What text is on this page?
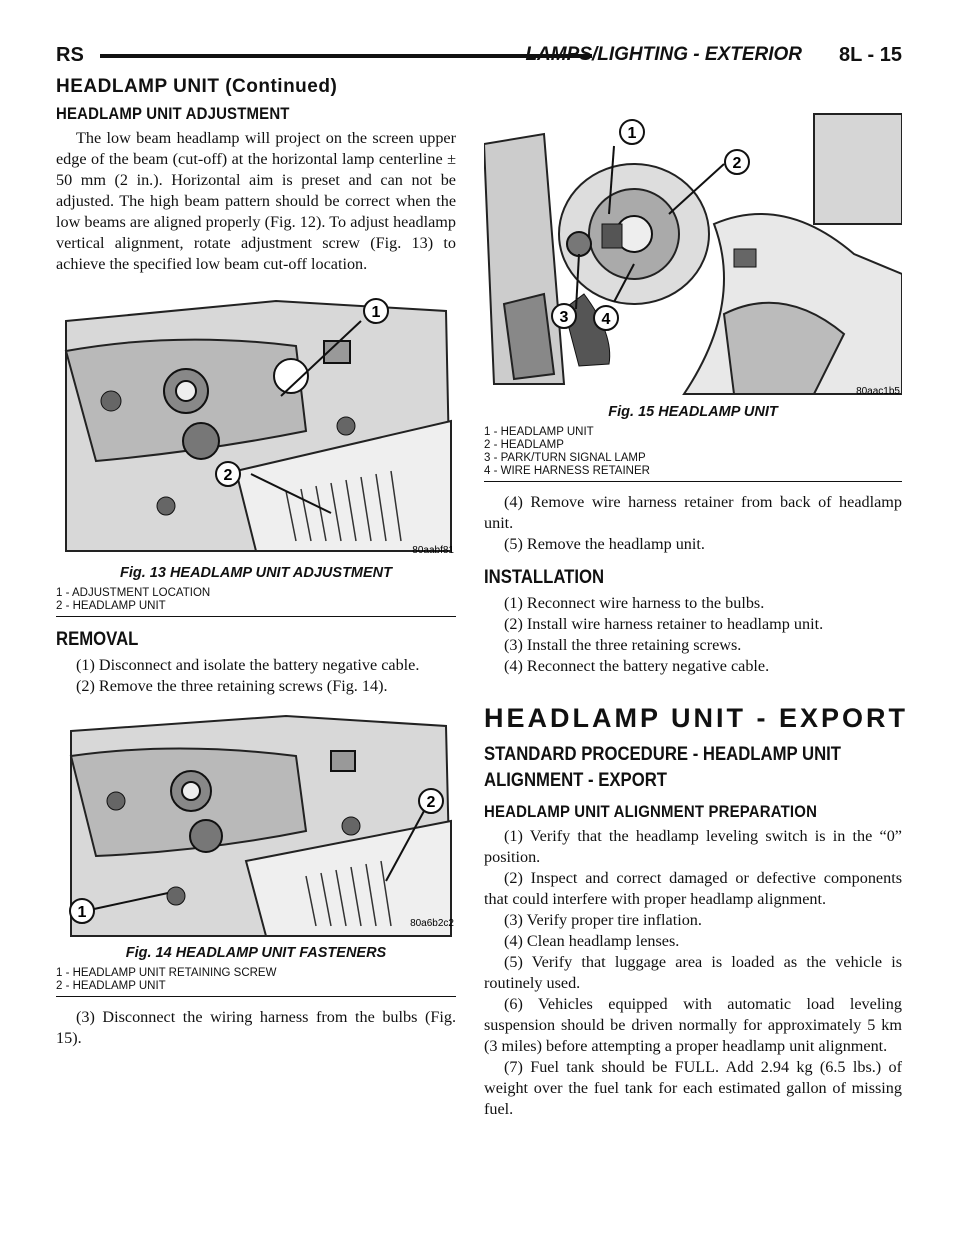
RS	LAMPS/LIGHTING - EXTERIOR 8L - 15
HEADLAMP UNIT (Continued)
HEADLAMP UNIT ADJUSTMENT

The low beam headlamp will project on the screen upper edge of the beam (cut-off) at the horizontal lamp centerline ± 50 mm (2 in.). Horizontal aim is preset and can not be adjusted. The high beam pattern should be correct when the low beams are aligned properly (Fig. 12). To adjust headlamp vertical alignment, rotate adjustment screw (Fig. 13) to achieve the specified low beam cut-off location.

1
2
80aabf81
Fig. 13 HEADLAMP UNIT ADJUSTMENT
1 - ADJUSTMENT LOCATION
2 - HEADLAMP UNIT
REMOVAL

(1) Disconnect and isolate the battery negative cable.

(2) Remove the three retaining screws (Fig. 14).

1
2
80a6b2c2
Fig. 14 HEADLAMP UNIT FASTENERS
1 - HEADLAMP UNIT RETAINING SCREW
2 - HEADLAMP UNIT

(3) Disconnect the wiring harness from the bulbs (Fig. 15).

1
2
3 4
80aac1b5
Fig. 15 HEADLAMP UNIT
1 - HEADLAMP UNIT
2 - HEADLAMP
3 - PARK/TURN SIGNAL LAMP
4 - WIRE HARNESS RETAINER

(4) Remove wire harness retainer from back of headlamp unit.

(5) Remove the headlamp unit.

INSTALLATION

(1) Reconnect wire harness to the bulbs.

(2) Install wire harness retainer to headlamp unit.

(3) Install the three retaining screws.

(4) Reconnect the battery negative cable.

HEADLAMP UNIT - EXPORT
STANDARD PROCEDURE - HEADLAMP UNIT
ALIGNMENT - EXPORT
HEADLAMP UNIT ALIGNMENT PREPARATION

(1) Verify that the headlamp leveling switch is in the “0” position.

(2) Inspect and correct damaged or defective components that could interfere with proper headlamp alignment.

(3) Verify proper tire inflation.

(4) Clean headlamp lenses.

(5) Verify that luggage area is loaded as the vehicle is routinely used.

(6) Vehicles equipped with automatic load leveling suspension should be driven normally for approximately 5 km (3 miles) before attempting a proper headlamp unit alignment.

(7) Fuel tank should be FULL. Add 2.94 kg (6.5 lbs.) of weight over the fuel tank for each estimated gallon of missing fuel.
